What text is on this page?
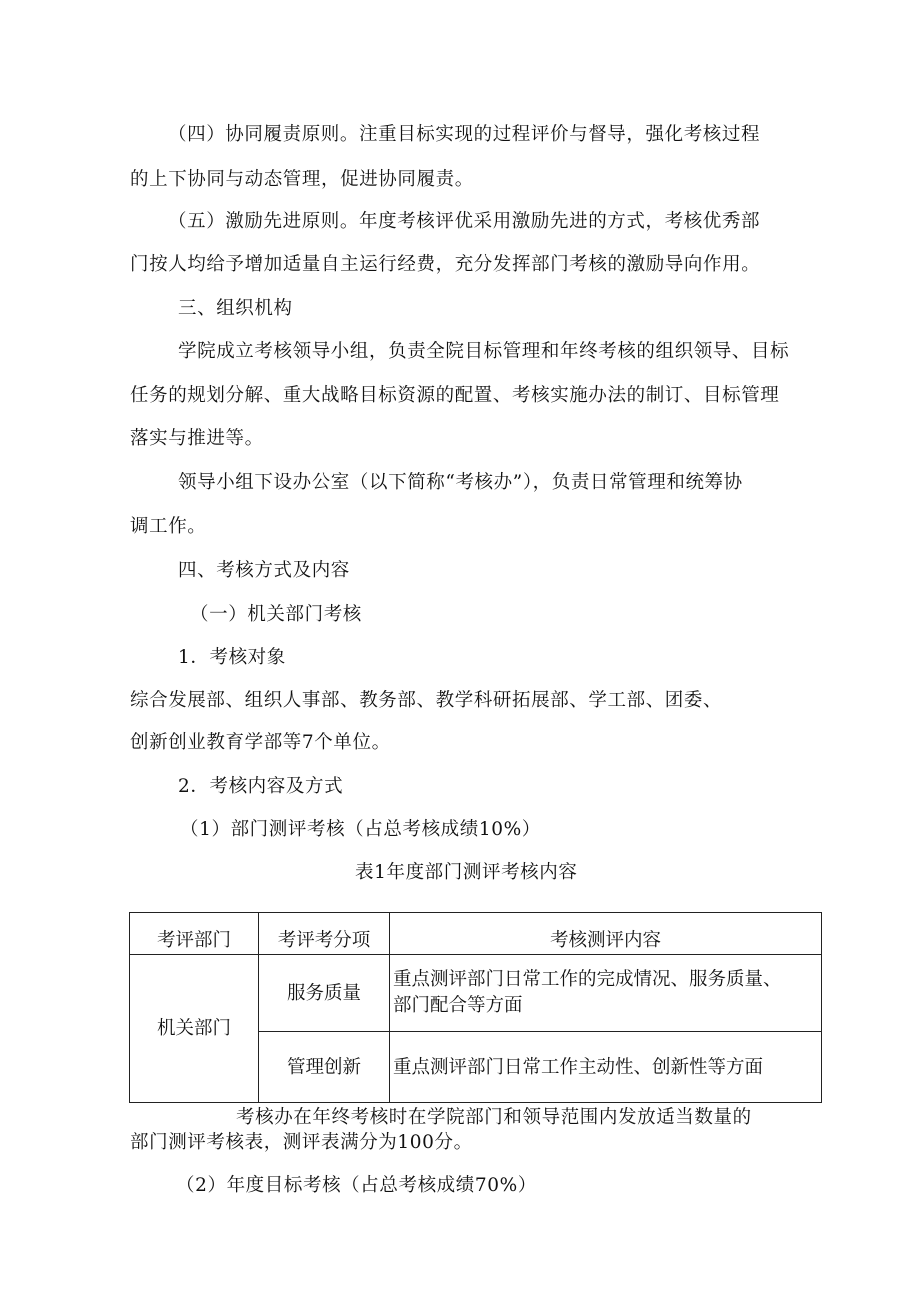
（四）协同履责原则。注重目标实现的过程评价与督导，强化考核过程
的上下协同与动态管理，促进协同履责。
（五）激励先进原则。年度考核评优采用激励先进的方式，考核优秀部
门按人均给予增加适量自主运行经费，充分发挥部门考核的激励导向作用。
三、组织机构
学院成立考核领导小组，负责全院目标管理和年终考核的组织领导、目标
任务的规划分解、重大战略目标资源的配置、考核实施办法的制订、目标管理
落实与推进等。
领导小组下设办公室（以下简称“考核办”），负责日常管理和统筹协
调工作。
四、考核方式及内容
（一）机关部门考核
1．考核对象
综合发展部、组织人事部、教务部、教学科研拓展部、学工部、团委、
创新创业教育学部等7个单位。
2．考核内容及方式
（1）部门测评考核（占总考核成绩10%）
表1年度部门测评考核内容
考评部门	考评考分项	考核测评内容
机关部门	服务质量	重点测评部门日常工作的完成情况、服务质量、
部门配合等方面

	管理创新	重点测评部门日常工作主动性、创新性等方面
考核办在年终考核时在学院部门和领导范围内发放适当数量的
部门测评考核表，测评表满分为100分。
（2）年度目标考核（占总考核成绩70%）
